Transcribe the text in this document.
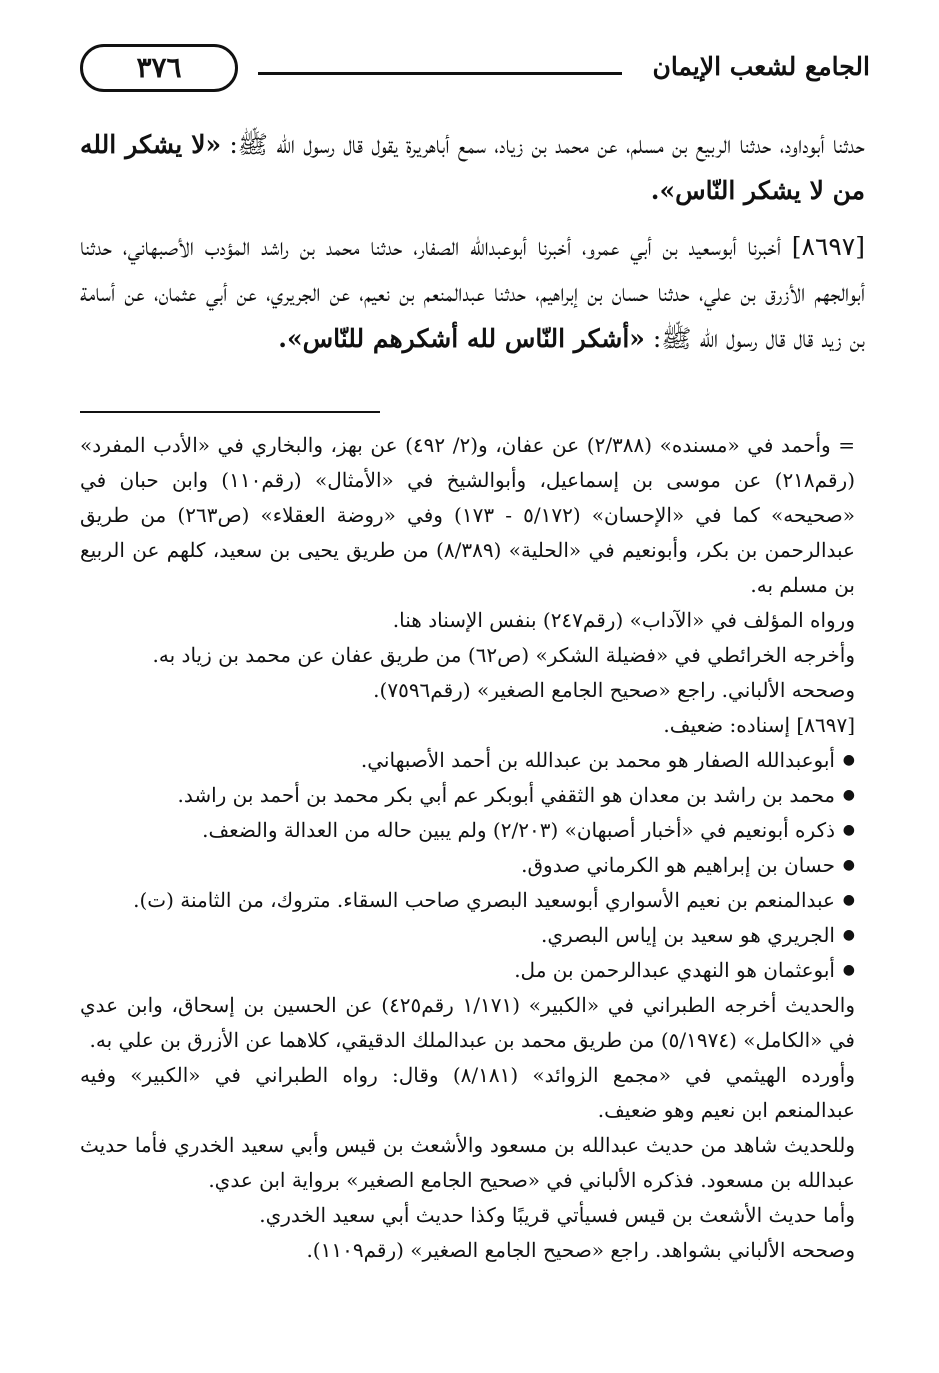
الجامع لشعب الإيمان
٣٧٦

حدثنا أبوداود، حدثنا الربيع بن مسلم، عن محمد بن زياد، سمع أباهريرة يقول قال رسول الله ﷺ: «لا يشكر الله من لا يشكر النّاس».

[٨٦٩٧] أخبرنا أبوسعيد بن أبي عمرو، أخبرنا أبوعبدالله الصفار، حدثنا محمد بن راشد المؤدب الأصبهاني، حدثنا أبوالجهم الأزرق بن علي، حدثنا حسان بن إبراهيم، حدثنا عبدالمنعم بن نعيم، عن الجريري، عن أبي عثمان، عن أسامة بن زيد قال قال رسول الله ﷺ: «أشكر النّاس لله أشكرهم للنّاس».

= وأحمد في «مسنده» (٢/٣٨٨) عن عفان، و(٢/ ٤٩٢) عن بهز، والبخاري في «الأدب المفرد» (رقم٢١٨) عن موسى بن إسماعيل، وأبوالشيخ في «الأمثال» (رقم١١٠) وابن حبان في «صحيحه» كما في «الإحسان» (٥/١٧٢ - ١٧٣) وفي «روضة العقلاء» (ص٢٦٣) من طريق عبدالرحمن بن بكر، وأبونعيم في «الحلية» (٨/٣٨٩) من طريق يحيى بن سعيد، كلهم عن الربيع بن مسلم به.

ورواه المؤلف في «الآداب» (رقم٢٤٧) بنفس الإسناد هنا.

وأخرجه الخرائطي في «فضيلة الشكر» (ص٦٢) من طريق عفان عن محمد بن زياد به.

وصححه الألباني. راجع «صحيح الجامع الصغير» (رقم٧٥٩٦).

[٨٦٩٧] إسناده: ضعيف.

● أبوعبدالله الصفار هو محمد بن عبدالله بن أحمد الأصبهاني.
● محمد بن راشد بن معدان هو الثقفي أبوبكر عم أبي بكر محمد بن أحمد بن راشد.
● ذكره أبونعيم في «أخبار أصبهان» (٢/٢٠٣) ولم يبين حاله من العدالة والضعف.
● حسان بن إبراهيم هو الكرماني صدوق.
● عبدالمنعم بن نعيم الأسواري أبوسعيد البصري صاحب السقاء. متروك، من الثامنة (ت).
● الجريري هو سعيد بن إياس البصري.
● أبوعثمان هو النهدي عبدالرحمن بن مل.

والحديث أخرجه الطبراني في «الكبير» (١/١٧١ رقم٤٢٥) عن الحسين بن إسحاق، وابن عدي في «الكامل» (٥/١٩٧٤) من طريق محمد بن عبدالملك الدقيقي، كلاهما عن الأزرق بن علي به.

وأورده الهيثمي في «مجمع الزوائد» (٨/١٨١) وقال: رواه الطبراني في «الكبير» وفيه عبدالمنعم ابن نعيم وهو ضعيف.

وللحديث شاهد من حديث عبدالله بن مسعود والأشعث بن قيس وأبي سعيد الخدري فأما حديث عبدالله بن مسعود. فذكره الألباني في «صحيح الجامع الصغير» برواية ابن عدي.

وأما حديث الأشعث بن قيس فسيأتي قريبًا وكذا حديث أبي سعيد الخدري.

وصححه الألباني بشواهد. راجع «صحيح الجامع الصغير» (رقم١١٠٩).
